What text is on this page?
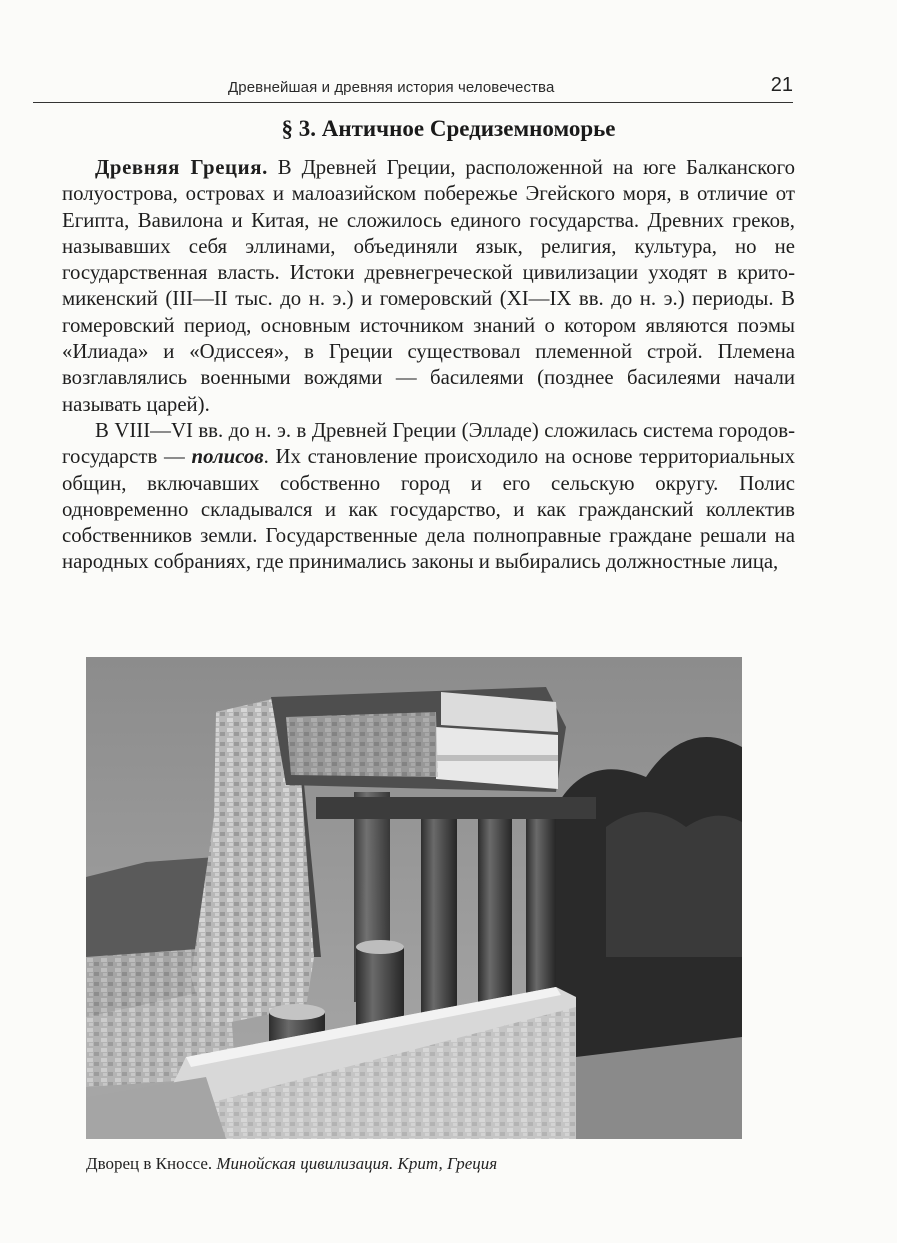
Древнейшая и древняя история человечества	21
§ 3. Античное Средиземноморье

Древняя Греция. В Древней Греции, расположенной на юге Балканского полуострова, островах и малоазийском побережье Эгейского моря, в отличие от Египта, Вавилона и Китая, не сложилось единого государства. Древних греков, называвших себя эллинами, объединяли язык, религия, культура, но не государственная власть. Истоки древнегреческой цивилизации уходят в крито-микенский (III—II тыс. до н. э.) и гомеровский (XI—IX вв. до н. э.) периоды. В гомеровский период, основным источником знаний о котором являются поэмы «Илиада» и «Одиссея», в Греции существовал племенной строй. Племена возглавлялись военными вождями — басилеями (позднее басилеями начали называть царей).

В VIII—VI вв. до н. э. в Древней Греции (Элладе) сложилась система городов-государств — полисов. Их становление происходило на основе территориальных общин, включавших собственно город и его сельскую округу. Полис одновременно складывался и как государство, и как гражданский коллектив собственников земли. Государственные дела полноправные граждане решали на народных собраниях, где принимались законы и выбирались должностные лица,

Дворец в Кноссе. Минойская цивилизация. Крит, Греция
